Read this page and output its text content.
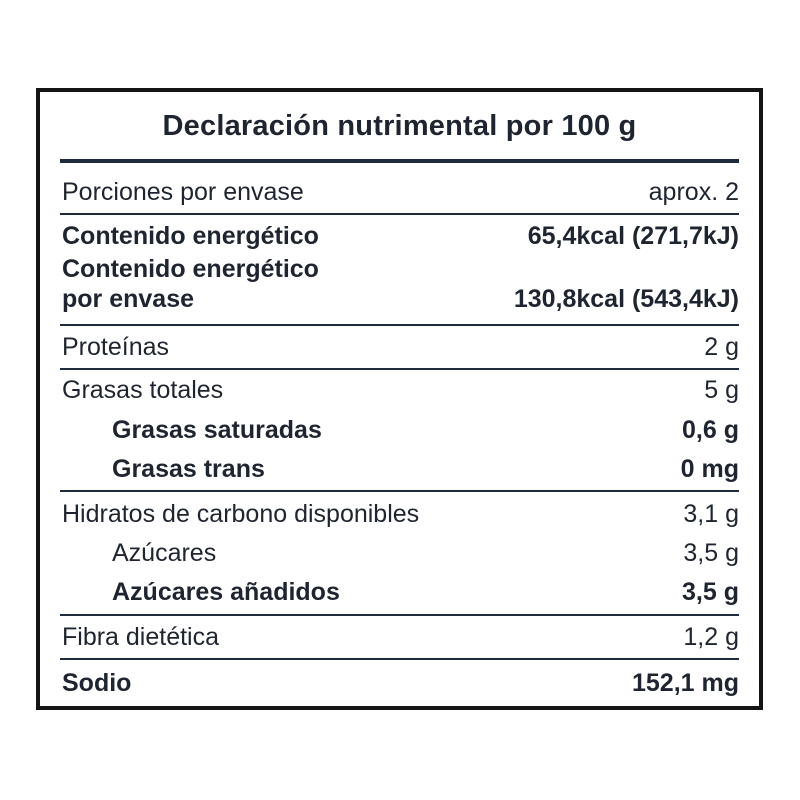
Declaración nutrimental por 100 g
Porciones por envase	aprox. 2
Contenido energético	65,4kcal (271,7kJ)
Contenido energético
por envase	130,8kcal (543,4kJ)
Proteínas	2 g
Grasas totales	5 g
Grasas saturadas	0,6 g
Grasas trans	0 mg
Hidratos de carbono disponibles	3,1 g
Azúcares	3,5 g
Azúcares añadidos	3,5 g
Fibra dietética	1,2 g
Sodio	152,1 mg
